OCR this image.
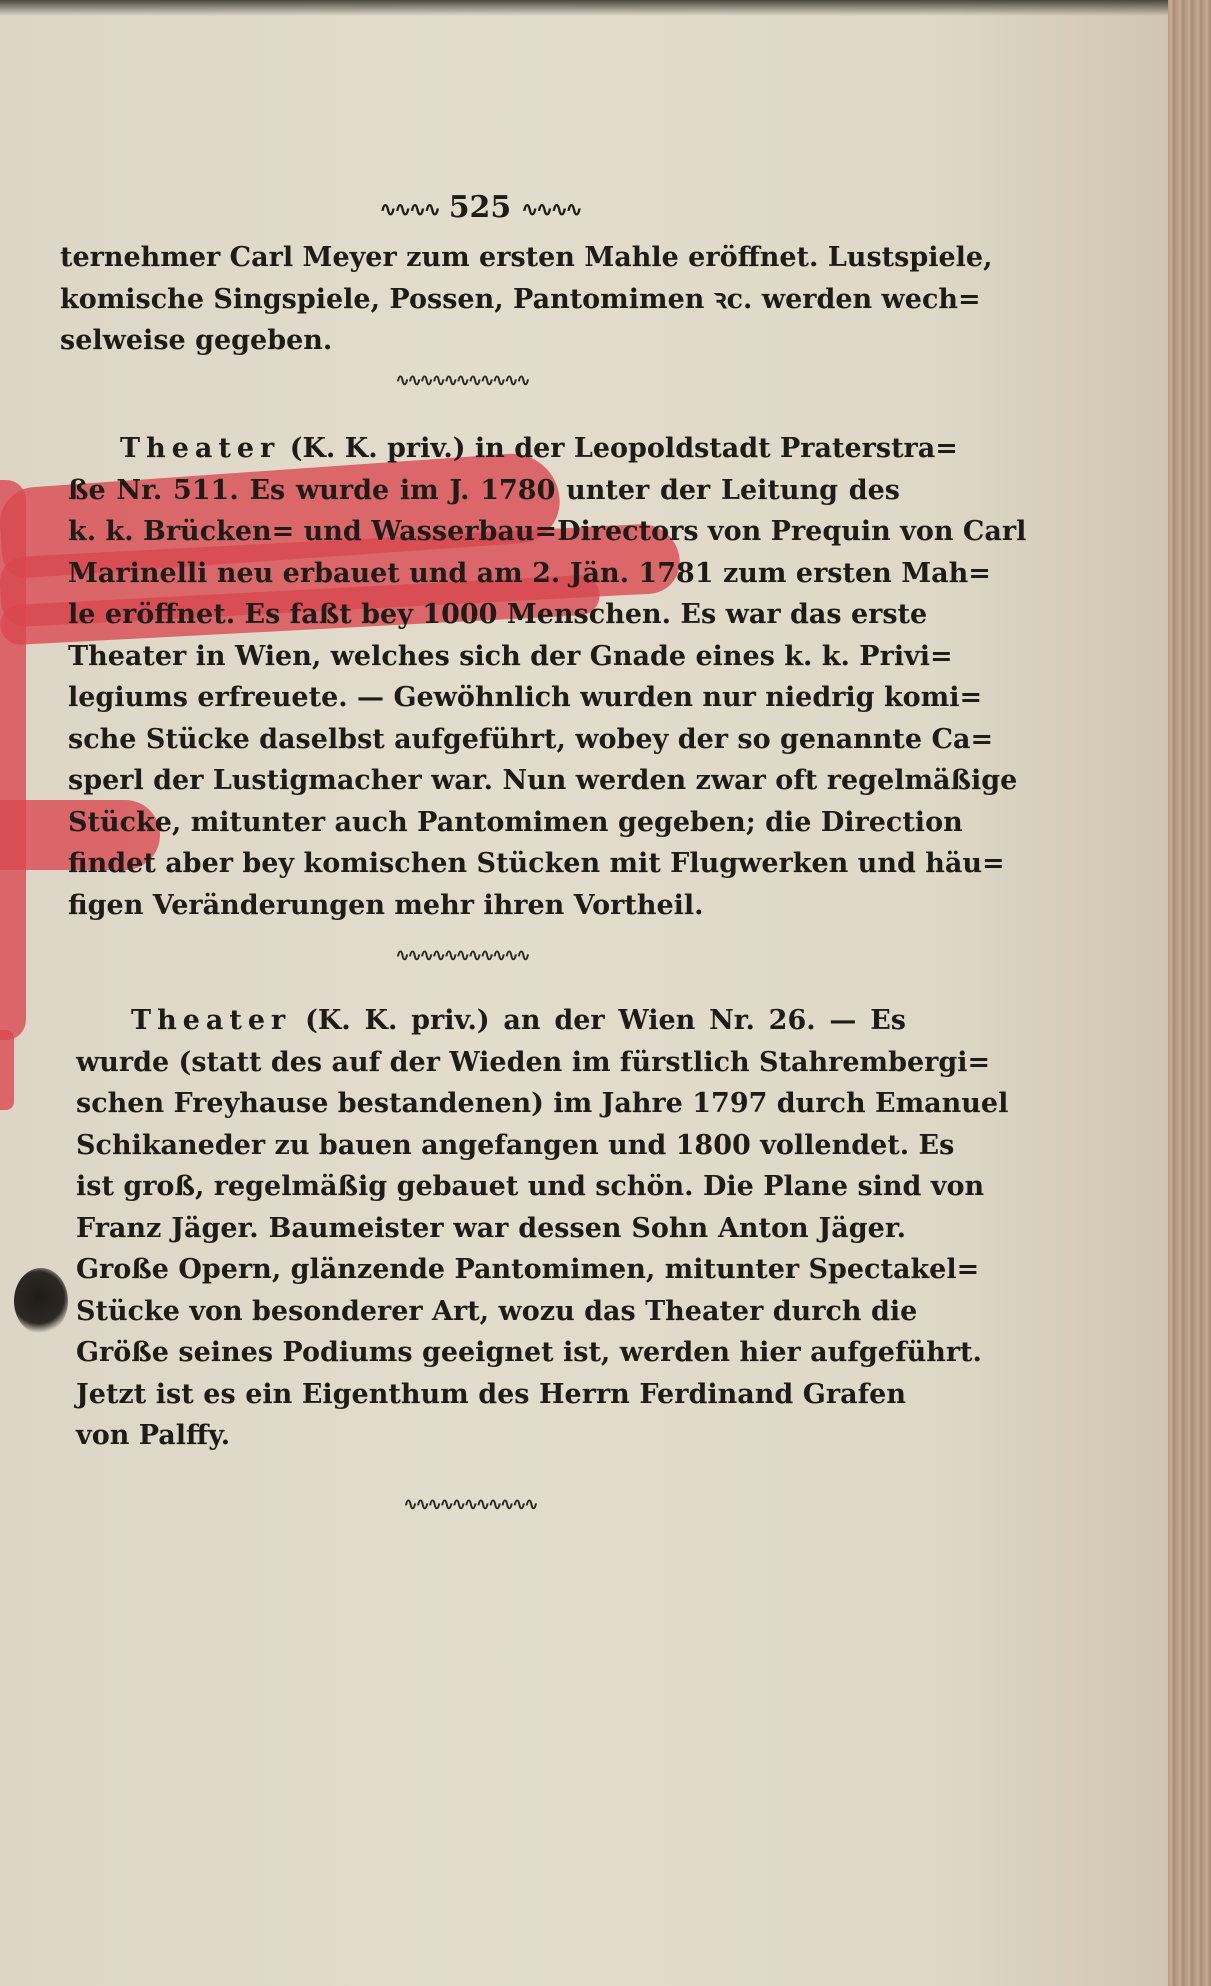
∿∿∿∿ 525 ∿∿∿∿
ternehmer Carl Meyer zum ersten Mahle eröffnet. Lustspiele,
komische Singspiele, Possen, Pantomimen ꝛc. werden wech=
selweise gegeben.
∿∿∿∿∿∿∿∿∿∿∿
Theater (K. K. priv.) in der Leopoldstadt Praterstra=
ße Nr. 511. Es wurde im J. 1780 unter der Leitung des
k. k. Brücken= und Wasserbau=Directors von Prequin von Carl
Marinelli neu erbauet und am 2. Jän. 1781 zum ersten Mah=
le eröffnet. Es faßt bey 1000 Menschen. Es war das erste
Theater in Wien, welches sich der Gnade eines k. k. Privi=
legiums erfreuete. — Gewöhnlich wurden nur niedrig komi=
sche Stücke daselbst aufgeführt, wobey der so genannte Ca=
sperl der Lustigmacher war. Nun werden zwar oft regelmäßige
Stücke, mitunter auch Pantomimen gegeben; die Direction
findet aber bey komischen Stücken mit Flugwerken und häu=
figen Veränderungen mehr ihren Vortheil.
∿∿∿∿∿∿∿∿∿∿∿
Theater (K. K. priv.) an der Wien Nr. 26. — Es
wurde (statt des auf der Wieden im fürstlich Stahrembergi=
schen Freyhause bestandenen) im Jahre 1797 durch Emanuel
Schikaneder zu bauen angefangen und 1800 vollendet. Es
ist groß, regelmäßig gebauet und schön. Die Plane sind von
Franz Jäger. Baumeister war dessen Sohn Anton Jäger.
Große Opern, glänzende Pantomimen, mitunter Spectakel=
Stücke von besonderer Art, wozu das Theater durch die
Größe seines Podiums geeignet ist, werden hier aufgeführt.
Jetzt ist es ein Eigenthum des Herrn Ferdinand Grafen
von Palffy.
∿∿∿∿∿∿∿∿∿∿∿
